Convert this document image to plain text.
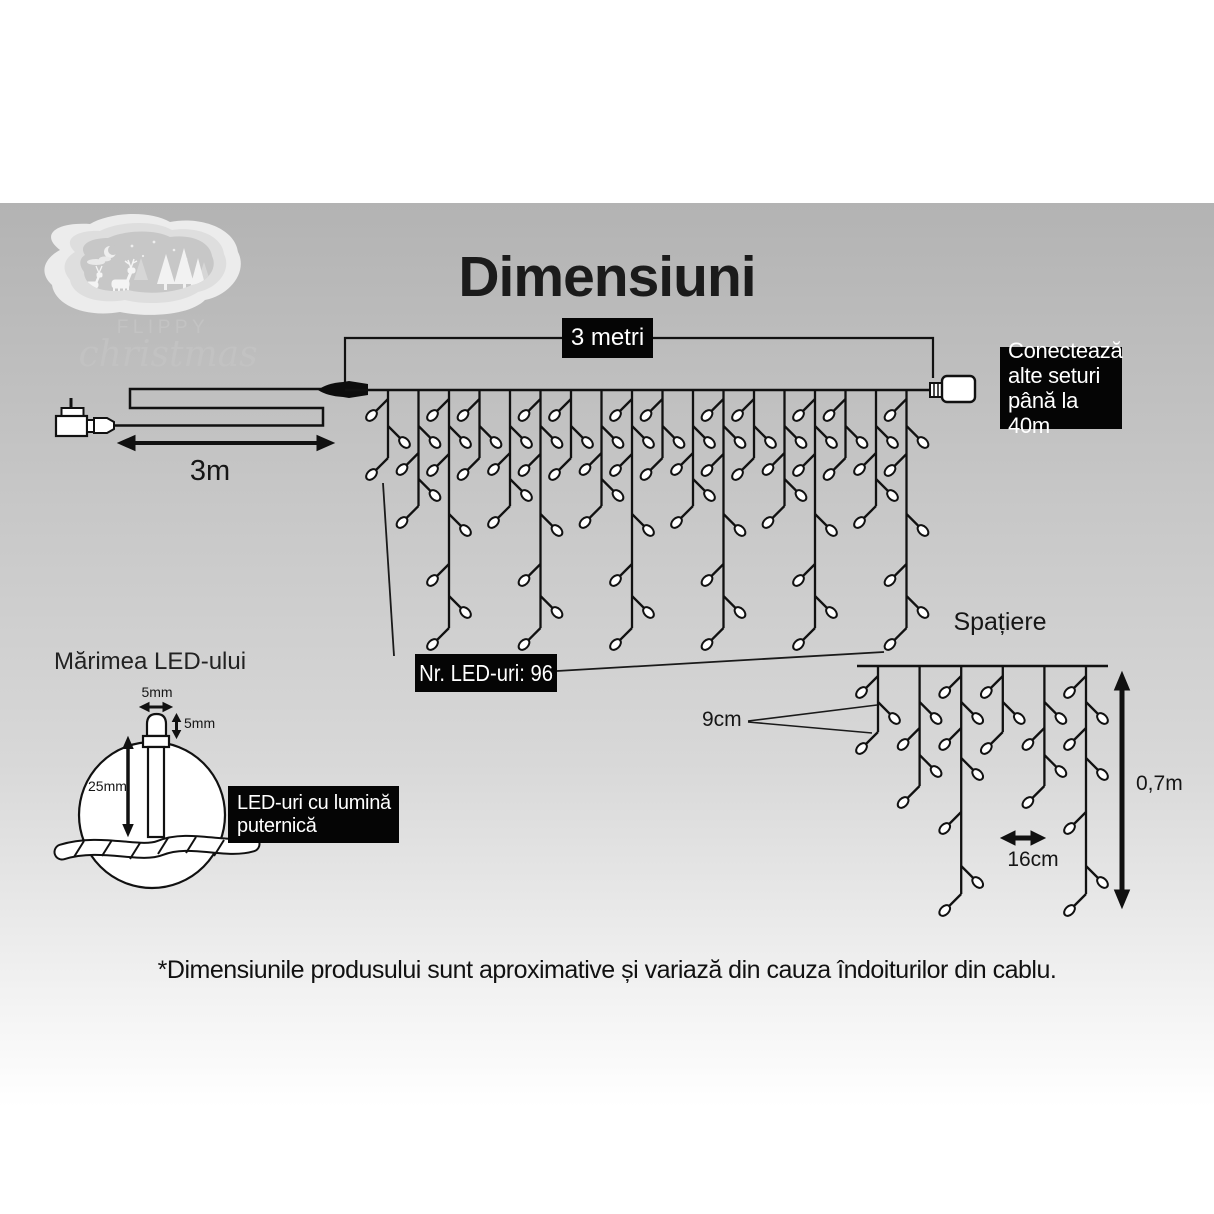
FLIPPY
christmas
Dimensiuni
3 metri
3m
Conectează
alte seturi
până la 40m
Nr. LED-uri: 96
Spațiere
9cm
16cm
0,7m
Mărimea LED-ului
5mm
5mm
25mm
LED-uri cu lumină
puternică
*Dimensiunile produsului sunt aproximative și variază din cauza îndoiturilor din cablu.
